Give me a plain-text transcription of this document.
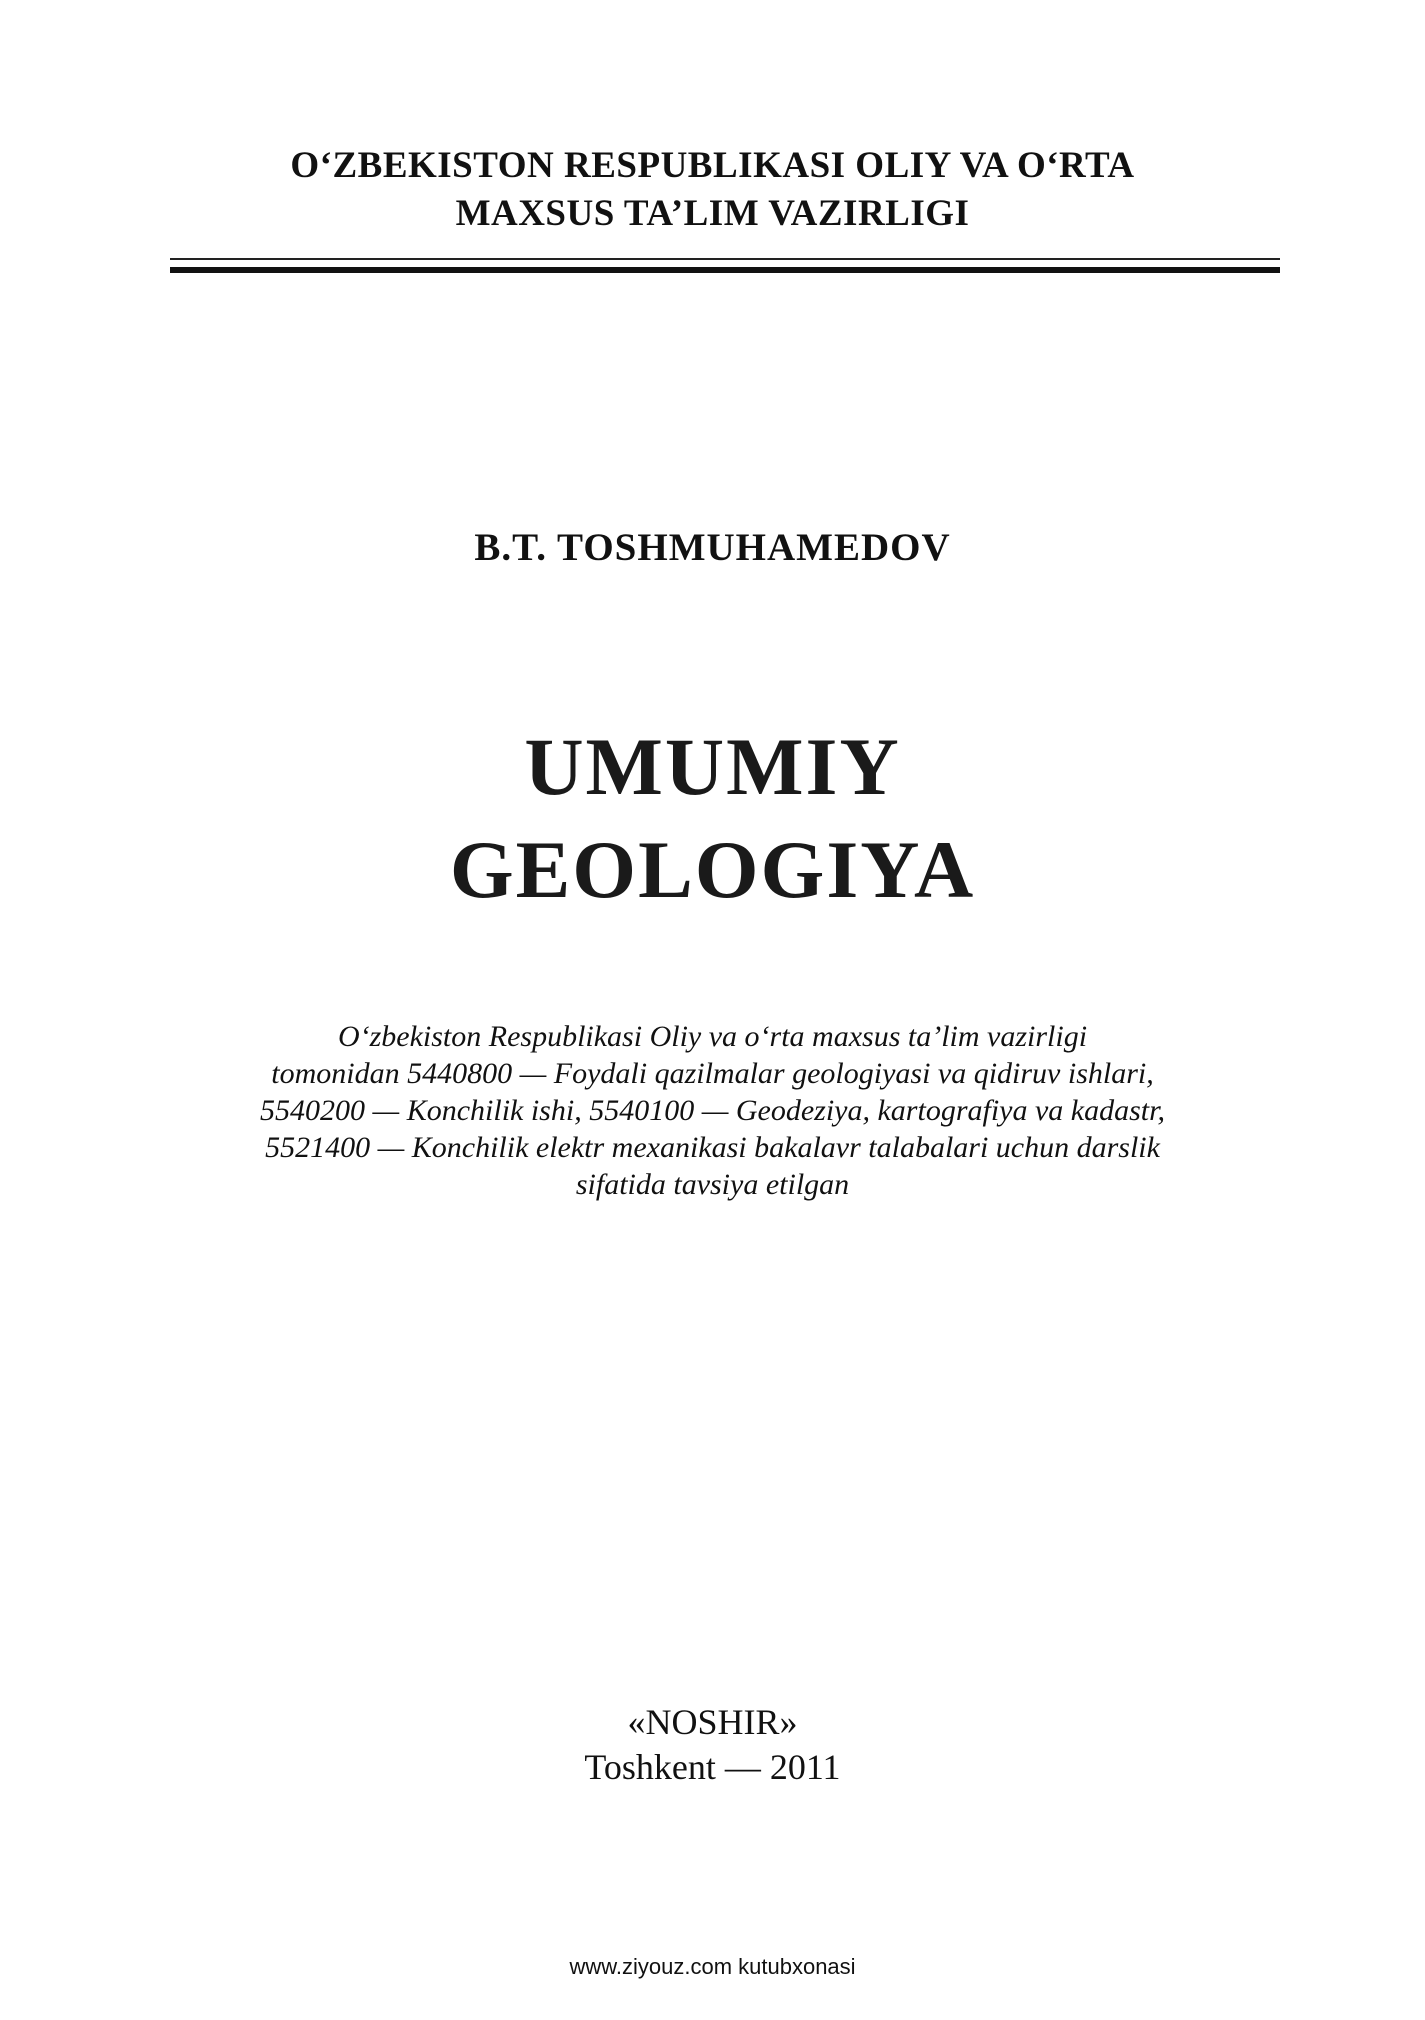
O‘ZBEKISTON RESPUBLIKASI OLIY VA O‘RTA
MAXSUS TA’LIM VAZIRLIGI
B.T. TOSHMUHAMEDOV
UMUMIY
GEOLOGIYA
O‘zbekiston Respublikasi Oliy va o‘rta maxsus ta’lim vazirligi
tomonidan 5440800 — Foydali qazilmalar geologiyasi va qidiruv ishlari,
5540200 — Konchilik ishi, 5540100 — Geodeziya, kartografiya va kadastr,
5521400 — Konchilik elektr mexanikasi bakalavr talabalari uchun darslik
sifatida tavsiya etilgan
«NOSHIR»
Toshkent — 2011
www.ziyouz.com kutubxonasi
